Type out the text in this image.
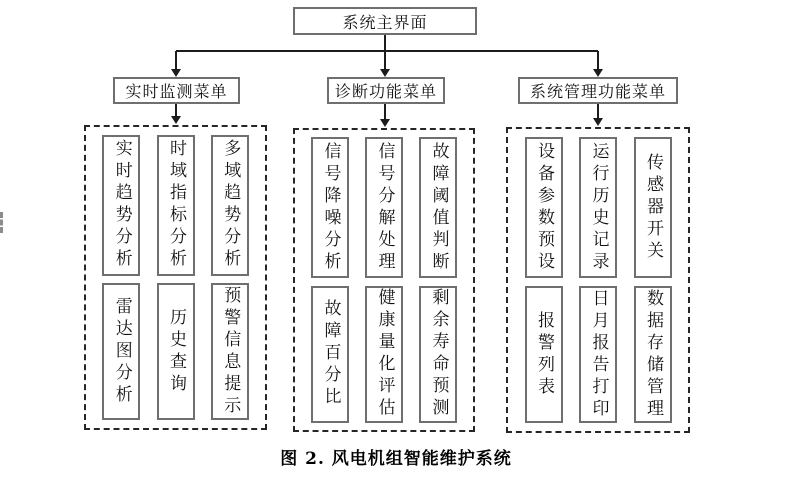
系统主界面
实时监测菜单	诊断功能菜单	系统管理功能菜单
实时趋势分析	时域指标分析	多域趋势分析
雷达图分析	历史查询	预警信息提示
信号降噪分析	信号分解处理	故障阈值判断
故障百分比	健康量化评估	剩余寿命预测
设备参数预设	运行历史记录	传感器开关
报警列表	日月报告打印	数据存储管理
图 2. 风电机组智能维护系统
